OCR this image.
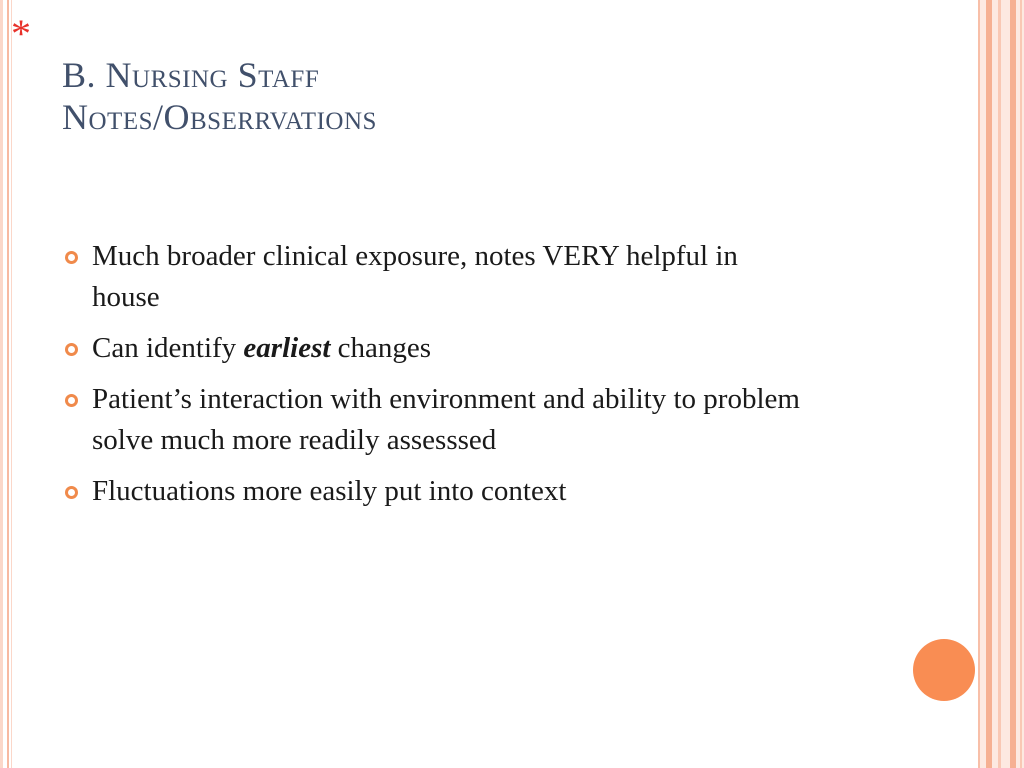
*
B. Nursing Staff
Notes/Obserrvations
Much broader clinical exposure, notes VERY helpful in house
Can identify earliest changes
Patient’s interaction with environment and ability to problem solve much more readily assesssed
Fluctuations more easily put into context
